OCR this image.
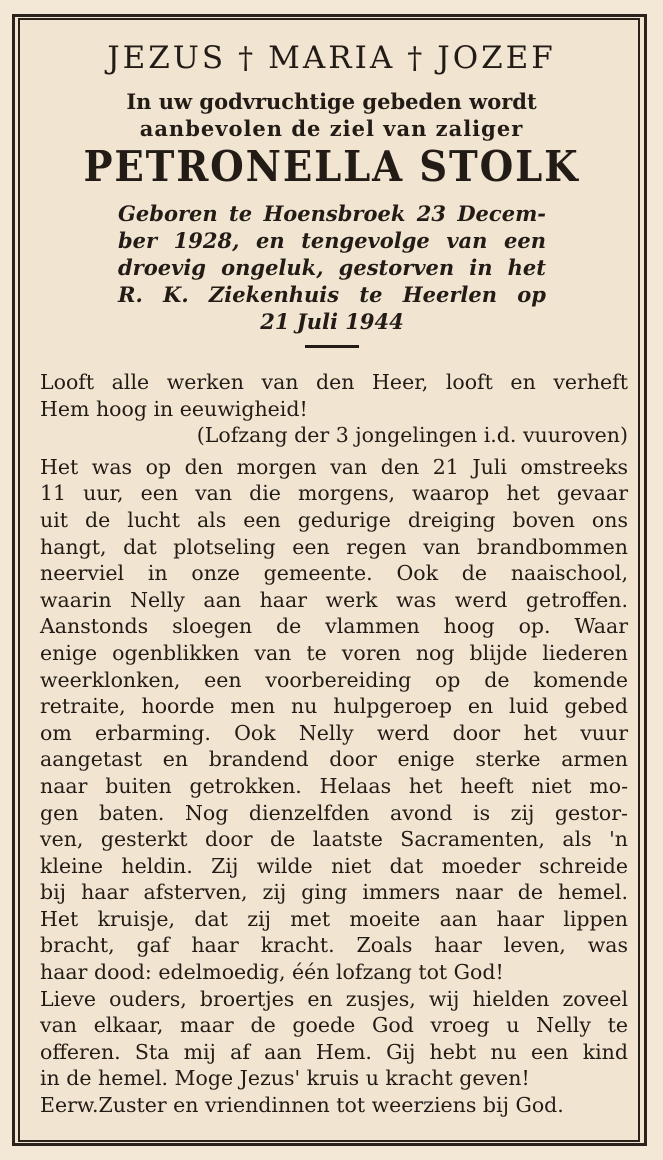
JEZUS † MARIA † JOZEF
In uw godvruchtige gebeden wordt
aanbevolen de ziel van zaliger
PETRONELLA STOLK
Geboren te Hoensbroek 23 Decem-
ber 1928, en tengevolge van een
droevig ongeluk, gestorven in het
R. K. Ziekenhuis te Heerlen op
21 Juli 1944
Looft alle werken van den Heer, looft en verheft
Hem hoog in eeuwigheid!
(Lofzang der 3 jongelingen i.d. vuuroven)
Het was op den morgen van den 21 Juli omstreeks
11 uur, een van die morgens, waarop het gevaar
uit de lucht als een gedurige dreiging boven ons
hangt, dat plotseling een regen van brandbommen
neerviel in onze gemeente. Ook de naaischool,
waarin Nelly aan haar werk was werd getroffen.
Aanstonds sloegen de vlammen hoog op. Waar
enige ogenblikken van te voren nog blijde liederen
weerklonken, een voorbereiding op de komende
retraite, hoorde men nu hulpgeroep en luid gebed
om erbarming. Ook Nelly werd door het vuur
aangetast en brandend door enige sterke armen
naar buiten getrokken. Helaas het heeft niet mo-
gen baten. Nog dienzelfden avond is zij gestor-
ven, gesterkt door de laatste Sacramenten, als 'n
kleine heldin. Zij wilde niet dat moeder schreide
bij haar afsterven, zij ging immers naar de hemel.
Het kruisje, dat zij met moeite aan haar lippen
bracht, gaf haar kracht. Zoals haar leven, was
haar dood: edelmoedig, één lofzang tot God!
Lieve ouders, broertjes en zusjes, wij hielden zoveel
van elkaar, maar de goede God vroeg u Nelly te
offeren. Sta mij af aan Hem. Gij hebt nu een kind
in de hemel. Moge Jezus' kruis u kracht geven!
Eerw.Zuster en vriendinnen tot weerziens bij God.
